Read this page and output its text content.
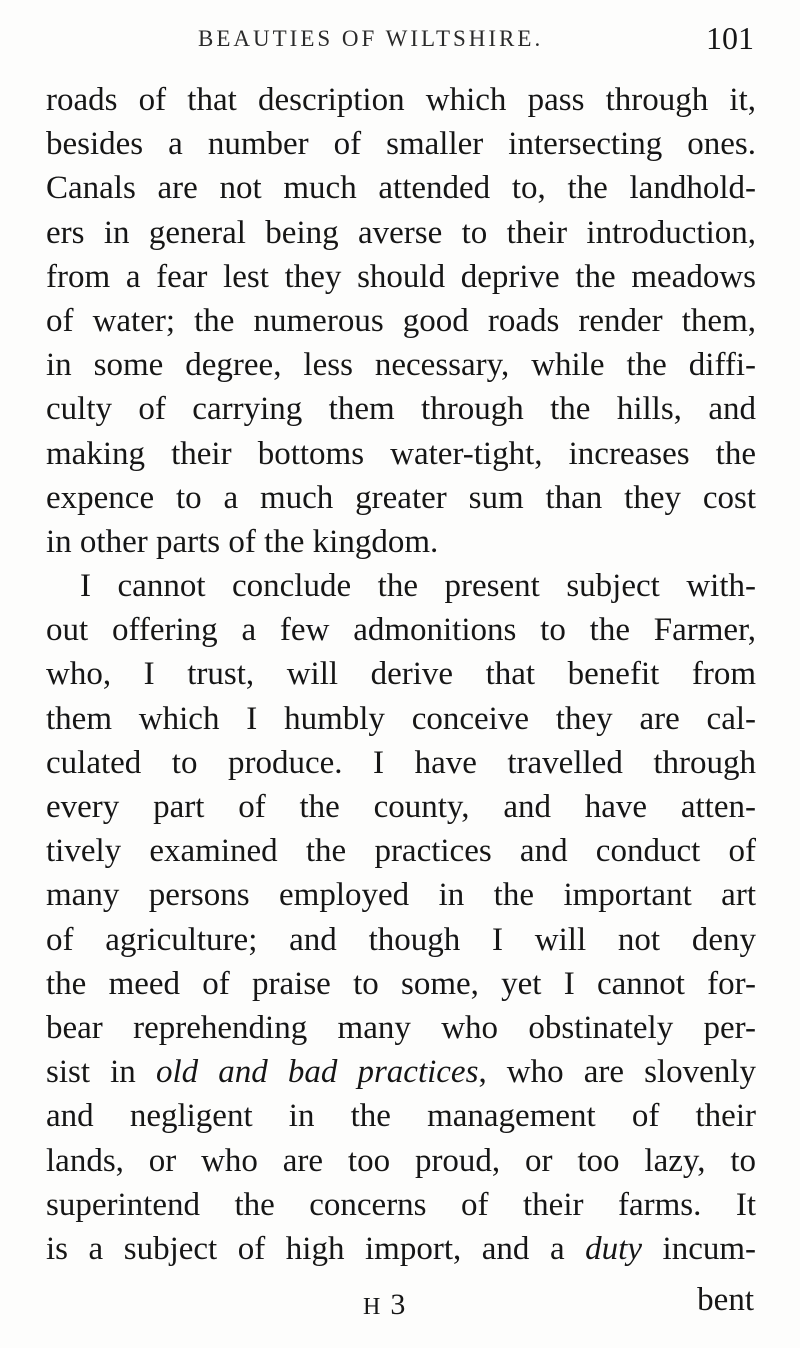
BEAUTIES OF WILTSHIRE.	101
roads of that description which pass through it,
besides a number of smaller intersecting ones.
Canals are not much attended to, the landhold-
ers in general being averse to their introduction,
from a fear lest they should deprive the meadows
of water; the numerous good roads render them,
in some degree, less necessary, while the diffi-
culty of carrying them through the hills, and
making their bottoms water-tight, increases the
expence to a much greater sum than they cost
in other parts of the kingdom.
I cannot conclude the present subject with-
out offering a few admonitions to the Farmer,
who, I trust, will derive that benefit from
them which I humbly conceive they are cal-
culated to produce. I have travelled through
every part of the county, and have atten-
tively examined the practices and conduct of
many persons employed in the important art
of agriculture; and though I will not deny
the meed of praise to some, yet I cannot for-
bear reprehending many who obstinately per-
sist in old and bad practices, who are slovenly
and negligent in the management of their
lands, or who are too proud, or too lazy, to
superintend the concerns of their farms. It
is a subject of high import, and a duty incum-
H 3	bent
